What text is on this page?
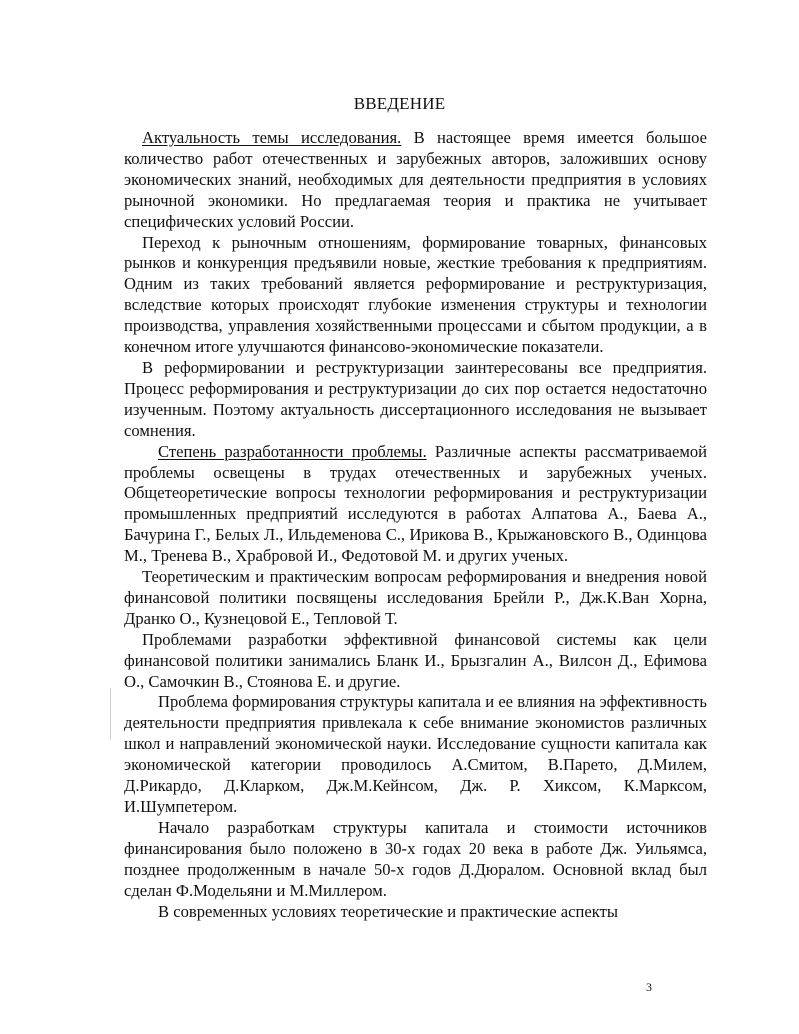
ВВЕДЕНИЕ

Актуальность темы исследования. В настоящее время имеется большое количество работ отечественных и зарубежных авторов, заложивших основу экономических знаний, необходимых для деятельности предприятия в условиях рыночной экономики. Но предлагаемая теория и практика не учитывает специфических условий России.

Переход к рыночным отношениям, формирование товарных, финансовых рынков и конкуренция предъявили новые, жесткие требования к предприятиям. Одним из таких требований является реформирование и реструктуризация, вследствие которых происходят глубокие изменения структуры и технологии производства, управления хозяйственными процессами и сбытом продукции, а в конечном итоге улучшаются финансово-экономические показатели.

В реформировании и реструктуризации заинтересованы все предприятия. Процесс реформирования и реструктуризации до сих пор остается недостаточно изученным. Поэтому актуальность диссертационного исследования не вызывает сомнения.

Степень разработанности проблемы. Различные аспекты рассматриваемой проблемы освещены в трудах отечественных и зарубежных ученых. Общетеоретические вопросы технологии реформирования и реструктуризации промышленных предприятий исследуются в работах Алпатова А., Баева А., Бачурина Г., Белых Л., Ильдеменова С., Ирикова В., Крыжановского В., Одинцова М., Тренева В., Храбровой И., Федотовой М. и других ученых.

Теоретическим и практическим вопросам реформирования и внедрения новой финансовой политики посвящены исследования Брейли Р., Дж.К.Ван Хорна, Дранко О., Кузнецовой Е., Тепловой Т.

Проблемами разработки эффективной финансовой системы как цели финансовой политики занимались Бланк И., Брызгалин А., Вилсон Д., Ефимова О., Самочкин В., Стоянова Е. и другие.

Проблема формирования структуры капитала и ее влияния на эффективность деятельности предприятия привлекала к себе внимание экономистов различных школ и направлений экономической науки. Исследование сущности капитала как экономической категории проводилось А.Смитом, В.Парето, Д.Милем, Д.Рикардо, Д.Кларком, Дж.М.Кейнсом, Дж. Р. Хиксом, К.Марксом, И.Шумпетером.

Начало разработкам структуры капитала и стоимости источников финансирования было положено в 30-х годах 20 века в работе Дж. Уильямса, позднее продолженным в начале 50-х годов Д.Дюралом. Основной вклад был сделан Ф.Модельяни и М.Миллером.

В современных условиях теоретические и практические аспекты

3
